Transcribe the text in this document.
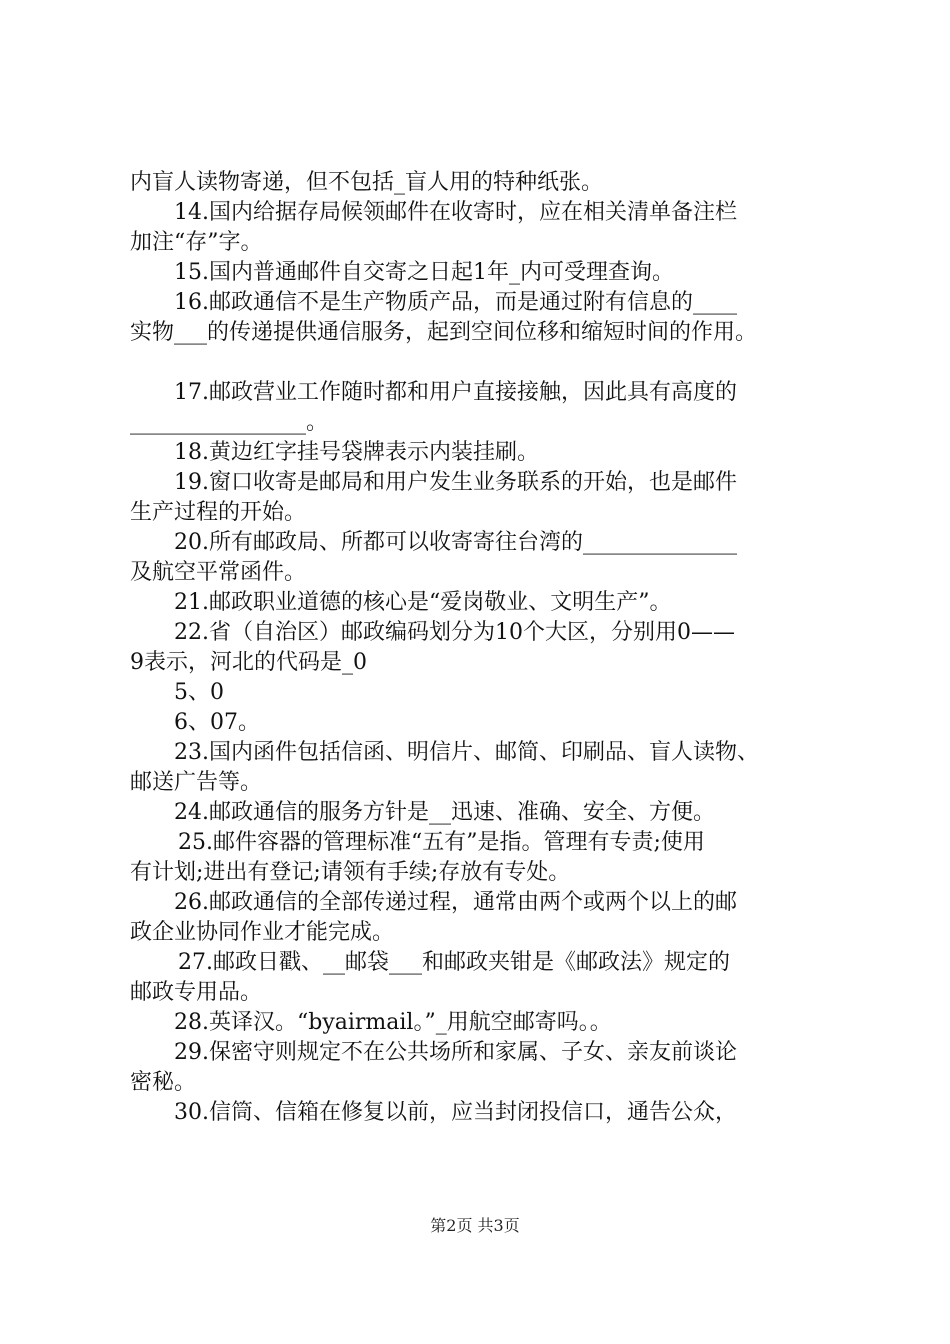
内盲人读物寄递，但不包括_盲人用的特种纸张。
14.国内给据存局候领邮件在收寄时，应在相关清单备注栏
加注“存”字。
15.国内普通邮件自交寄之日起1年_内可受理查询。
16.邮政通信不是生产物质产品，而是通过附有信息的____
实物___的传递提供通信服务，起到空间位移和缩短时间的作用。
17.邮政营业工作随时都和用户直接接触，因此具有高度的
________________。
18.黄边红字挂号袋牌表示内装挂刷。
19.窗口收寄是邮局和用户发生业务联系的开始，也是邮件
生产过程的开始。
20.所有邮政局、所都可以收寄寄往台湾的______________
及航空平常函件。
21.邮政职业道德的核心是“爱岗敬业、文明生产”。
22.省（自治区）邮政编码划分为10个大区，分别用0——
9表示，河北的代码是_0
5、0
6、07。
23.国内函件包括信函、明信片、邮简、印刷品、盲人读物、
邮送广告等。
24.邮政通信的服务方针是__迅速、准确、安全、方便。
25.邮件容器的管理标准“五有”是指。管理有专责;使用
有计划;进出有登记;请领有手续;存放有专处。
26.邮政通信的全部传递过程，通常由两个或两个以上的邮
政企业协同作业才能完成。
27.邮政日戳、__邮袋___和邮政夹钳是《邮政法》规定的
邮政专用品。
28.英译汉。“byairmail。”_用航空邮寄吗。。
29.保密守则规定不在公共场所和家属、子女、亲友前谈论
密秘。
30.信筒、信箱在修复以前，应当封闭投信口，通告公众，
第2页 共3页
